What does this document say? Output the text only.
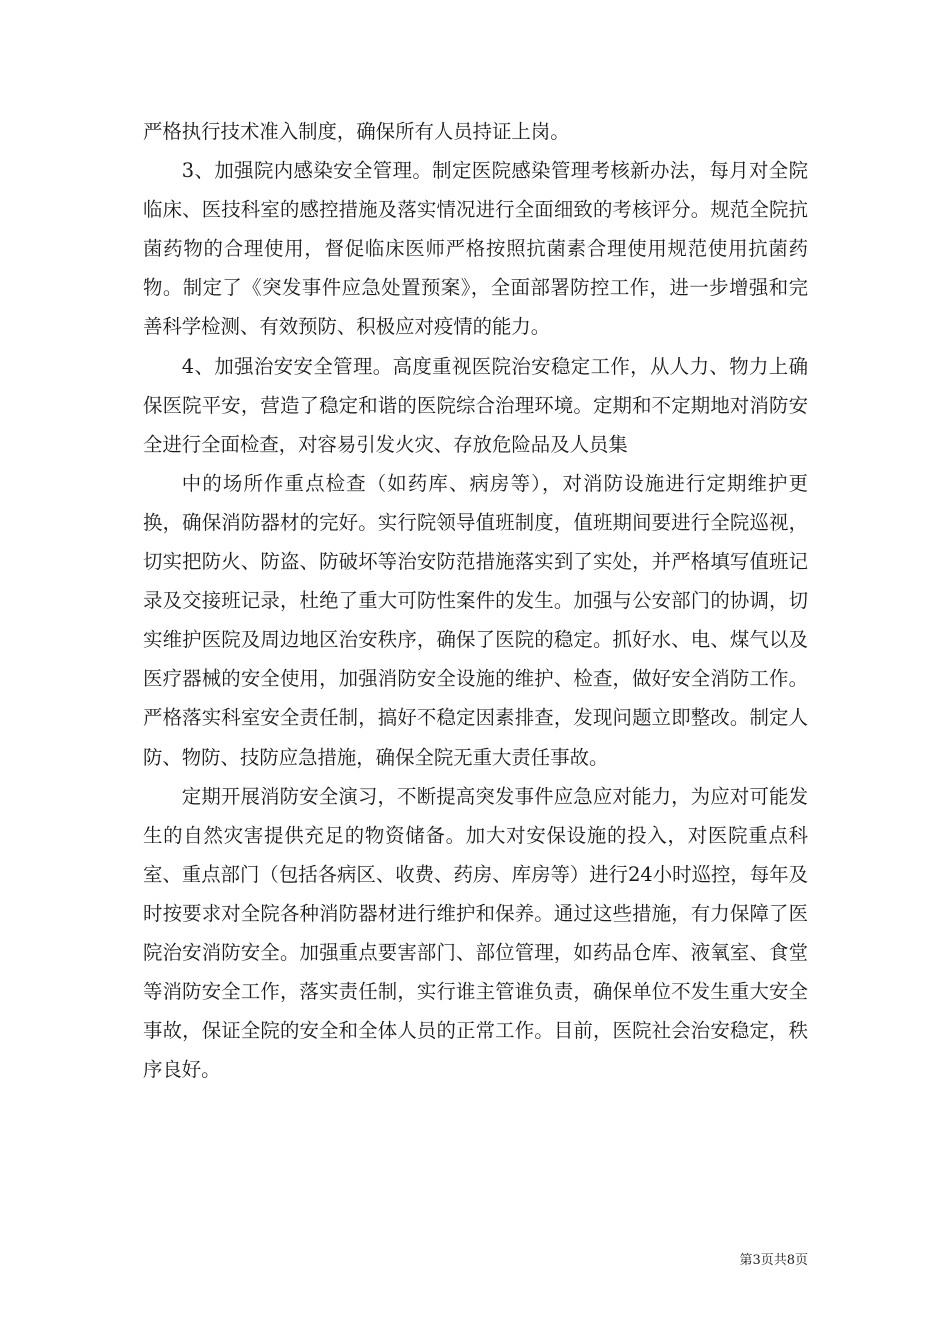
严格执行技术准入制度，确保所有人员持证上岗。

3、加强院内感染安全管理。制定医院感染管理考核新办法，每月对全院临床、医技科室的感控措施及落实情况进行全面细致的考核评分。规范全院抗菌药物的合理使用，督促临床医师严格按照抗菌素合理使用规范使用抗菌药物。制定了《突发事件应急处置预案》，全面部署防控工作，进一步增强和完善科学检测、有效预防、积极应对疫情的能力。

4、加强治安安全管理。高度重视医院治安稳定工作，从人力、物力上确保医院平安，营造了稳定和谐的医院综合治理环境。定期和不定期地对消防安全进行全面检查，对容易引发火灾、存放危险品及人员集

中的场所作重点检查（如药库、病房等），对消防设施进行定期维护更换，确保消防器材的完好。实行院领导值班制度，值班期间要进行全院巡视，切实把防火、防盗、防破坏等治安防范措施落实到了实处，并严格填写值班记录及交接班记录，杜绝了重大可防性案件的发生。加强与公安部门的协调，切实维护医院及周边地区治安秩序，确保了医院的稳定。抓好水、电、煤气以及医疗器械的安全使用，加强消防安全设施的维护、检查，做好安全消防工作。严格落实科室安全责任制，搞好不稳定因素排查，发现问题立即整改。制定人防、物防、技防应急措施，确保全院无重大责任事故。

定期开展消防安全演习，不断提高突发事件应急应对能力，为应对可能发生的自然灾害提供充足的物资储备。加大对安保设施的投入，对医院重点科室、重点部门（包括各病区、收费、药房、库房等）进行24小时巡控，每年及时按要求对全院各种消防器材进行维护和保养。通过这些措施，有力保障了医院治安消防安全。加强重点要害部门、部位管理，如药品仓库、液氧室、食堂等消防安全工作，落实责任制，实行谁主管谁负责，确保单位不发生重大安全事故，保证全院的安全和全体人员的正常工作。目前，医院社会治安稳定，秩序良好。

第3页共8页
